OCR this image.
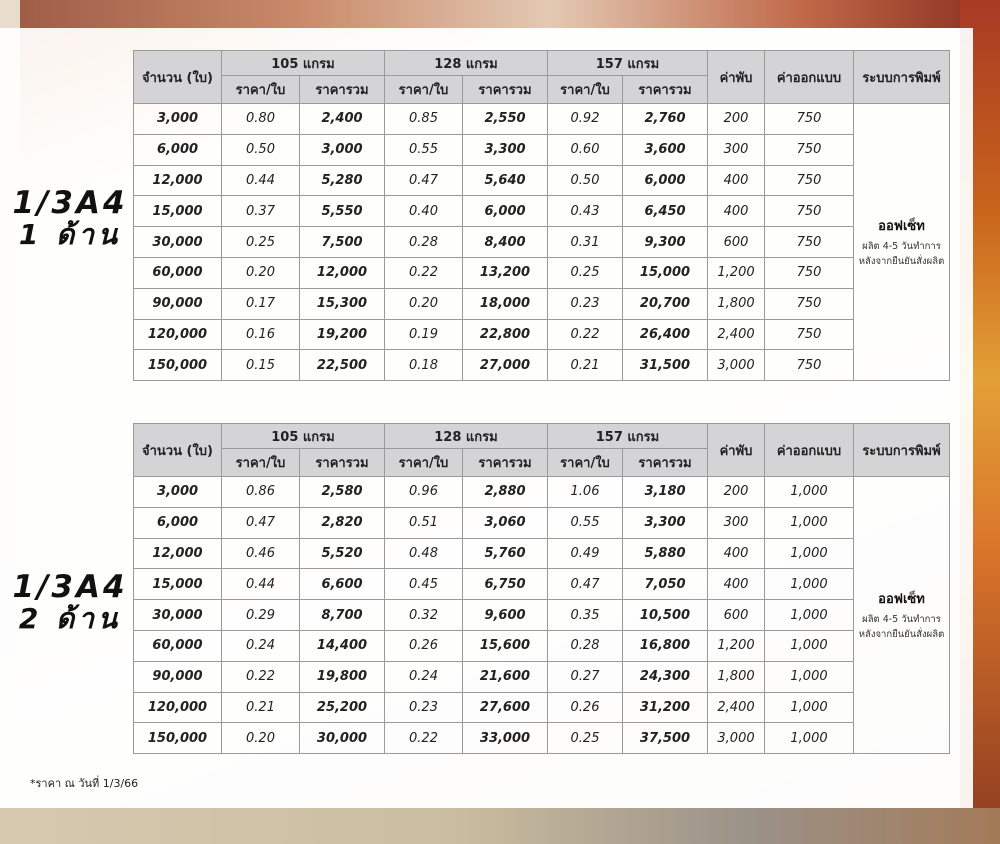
1/3A4
1 ด้าน
จำนวน (ใบ)	105 แกรม		128 แกรม		157 แกรม		ค่าพับ	ค่าออกแบบ	ระบบการพิมพ์
	ราคา/ใบ	ราคารวม	ราคา/ใบ	ราคารวม	ราคา/ใบ	ราคารวม			
3,000	0.80	2,400	0.85	2,550	0.92	2,760	200	750	ออฟเซ็ท
ผลิต 4-5 วันทำการ
หลังจากยืนยันสั่งผลิต

6,000	0.50	3,000	0.55	3,300	0.60	3,600	300	750	
12,000	0.44	5,280	0.47	5,640	0.50	6,000	400	750	
15,000	0.37	5,550	0.40	6,000	0.43	6,450	400	750	
30,000	0.25	7,500	0.28	8,400	0.31	9,300	600	750	
60,000	0.20	12,000	0.22	13,200	0.25	15,000	1,200	750	
90,000	0.17	15,300	0.20	18,000	0.23	20,700	1,800	750	
120,000	0.16	19,200	0.19	22,800	0.22	26,400	2,400	750	
150,000	0.15	22,500	0.18	27,000	0.21	31,500	3,000	750	
1/3A4
2 ด้าน
จำนวน (ใบ)	105 แกรม		128 แกรม		157 แกรม		ค่าพับ	ค่าออกแบบ	ระบบการพิมพ์
	ราคา/ใบ	ราคารวม	ราคา/ใบ	ราคารวม	ราคา/ใบ	ราคารวม			
3,000	0.86	2,580	0.96	2,880	1.06	3,180	200	1,000	ออฟเซ็ท
ผลิต 4-5 วันทำการ
หลังจากยืนยันสั่งผลิต

6,000	0.47	2,820	0.51	3,060	0.55	3,300	300	1,000	
12,000	0.46	5,520	0.48	5,760	0.49	5,880	400	1,000	
15,000	0.44	6,600	0.45	6,750	0.47	7,050	400	1,000	
30,000	0.29	8,700	0.32	9,600	0.35	10,500	600	1,000	
60,000	0.24	14,400	0.26	15,600	0.28	16,800	1,200	1,000	
90,000	0.22	19,800	0.24	21,600	0.27	24,300	1,800	1,000	
120,000	0.21	25,200	0.23	27,600	0.26	31,200	2,400	1,000	
150,000	0.20	30,000	0.22	33,000	0.25	37,500	3,000	1,000	
*ราคา ณ วันที่ 1/3/66
